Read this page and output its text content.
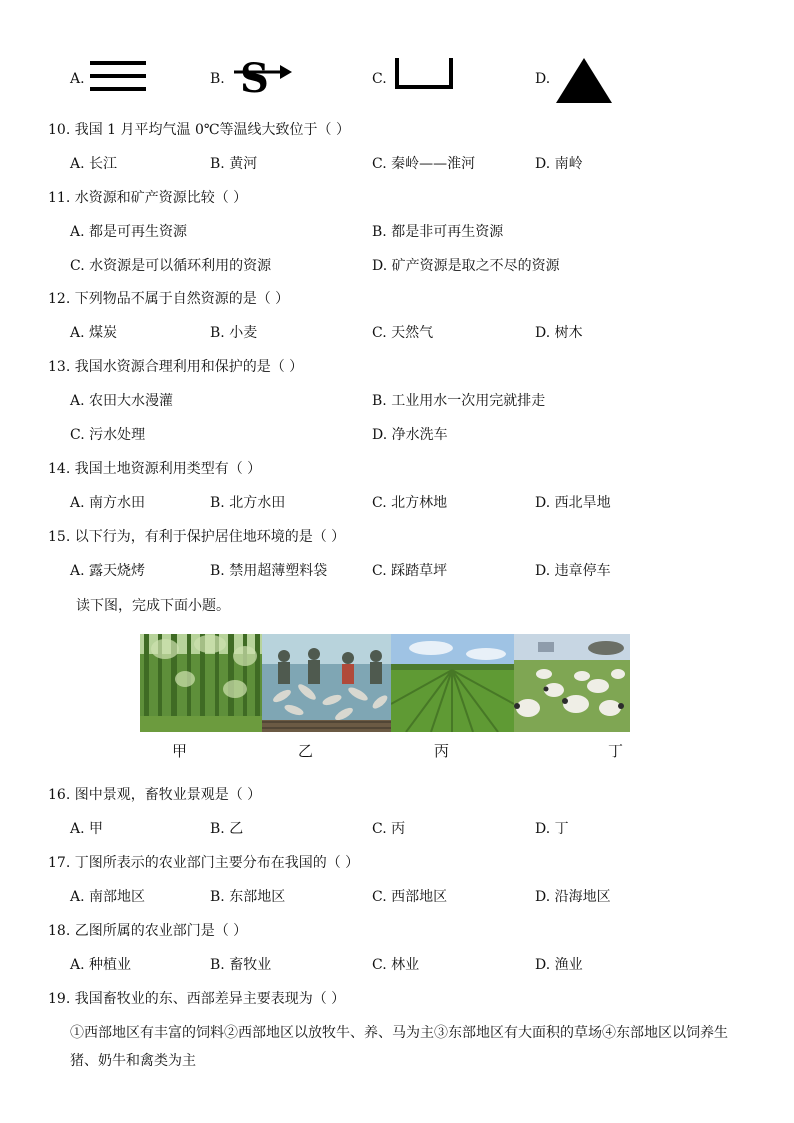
A.	B. S	C.	D.
10. 我国 1 月平均气温 0℃等温线大致位于（ ）
A. 长江	B. 黄河	C. 秦岭——淮河	D. 南岭
11. 水资源和矿产资源比较（ ）
A. 都是可再生资源	B. 都是非可再生资源
C. 水资源是可以循环利用的资源	D. 矿产资源是取之不尽的资源
12. 下列物品不属于自然资源的是（ ）
A. 煤炭	B. 小麦	C. 天然气	D. 树木
13. 我国水资源合理利用和保护的是（ ）
A. 农田大水漫灌	B. 工业用水一次用完就排走
C. 污水处理	D. 净水洗车
14. 我国土地资源利用类型有（ ）
A. 南方水田	B. 北方水田	C. 北方林地	D. 西北旱地
15. 以下行为，有利于保护居住地环境的是（ ）
A. 露天烧烤	B. 禁用超薄塑料袋	C. 踩踏草坪	D. 违章停车
读下图，完成下面小题。
甲	乙	丙	丁
16. 图中景观，畜牧业景观是（ ）
A. 甲	B. 乙	C. 丙	D. 丁
17. 丁图所表示的农业部门主要分布在我国的（ ）
A. 南部地区	B. 东部地区	C. 西部地区	D. 沿海地区
18. 乙图所属的农业部门是（ ）
A. 种植业	B. 畜牧业	C. 林业	D. 渔业
19. 我国畜牧业的东、西部差异主要表现为（ ）
①西部地区有丰富的饲料②西部地区以放牧牛、养、马为主③东部地区有大面积的草场④东部地区以饲养生
猪、奶牛和禽类为主
